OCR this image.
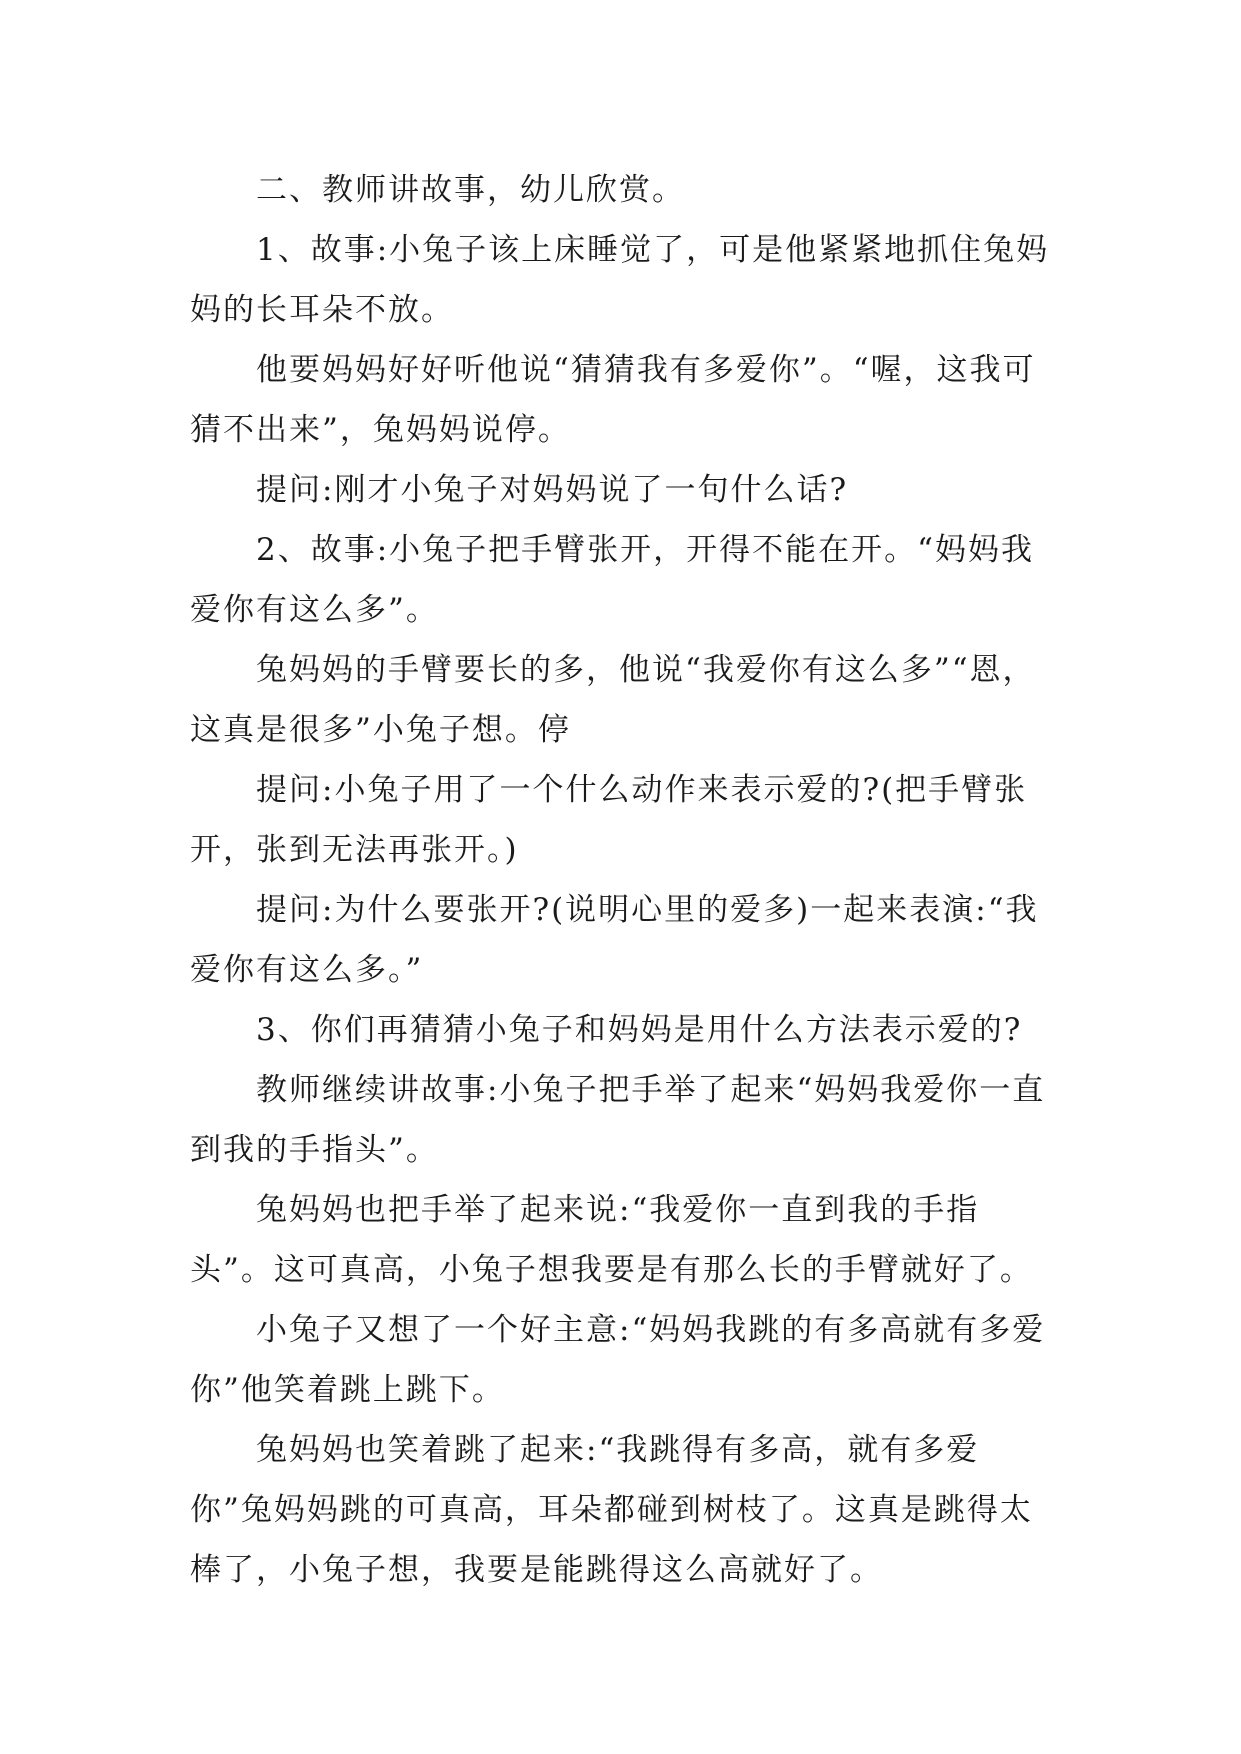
二、教师讲故事，幼儿欣赏。

1、故事:小兔子该上床睡觉了，可是他紧紧地抓住兔妈妈的长耳朵不放。

他要妈妈好好听他说“猜猜我有多爱你”。“喔，这我可猜不出来”，兔妈妈说停。

提问:刚才小兔子对妈妈说了一句什么话?

2、故事:小兔子把手臂张开，开得不能在开。“妈妈我爱你有这么多”。

兔妈妈的手臂要长的多，他说“我爱你有这么多”“恩，这真是很多”小兔子想。停

提问:小兔子用了一个什么动作来表示爱的?(把手臂张开，张到无法再张开。)

提问:为什么要张开?(说明心里的爱多)一起来表演:“我爱你有这么多。”

3、你们再猜猜小兔子和妈妈是用什么方法表示爱的?

教师继续讲故事:小兔子把手举了起来“妈妈我爱你一直到我的手指头”。

兔妈妈也把手举了起来说:“我爱你一直到我的手指头”。这可真高，小兔子想我要是有那么长的手臂就好了。

小兔子又想了一个好主意:“妈妈我跳的有多高就有多爱你”他笑着跳上跳下。

兔妈妈也笑着跳了起来:“我跳得有多高，就有多爱你”兔妈妈跳的可真高，耳朵都碰到树枝了。这真是跳得太棒了，小兔子想，我要是能跳得这么高就好了。
